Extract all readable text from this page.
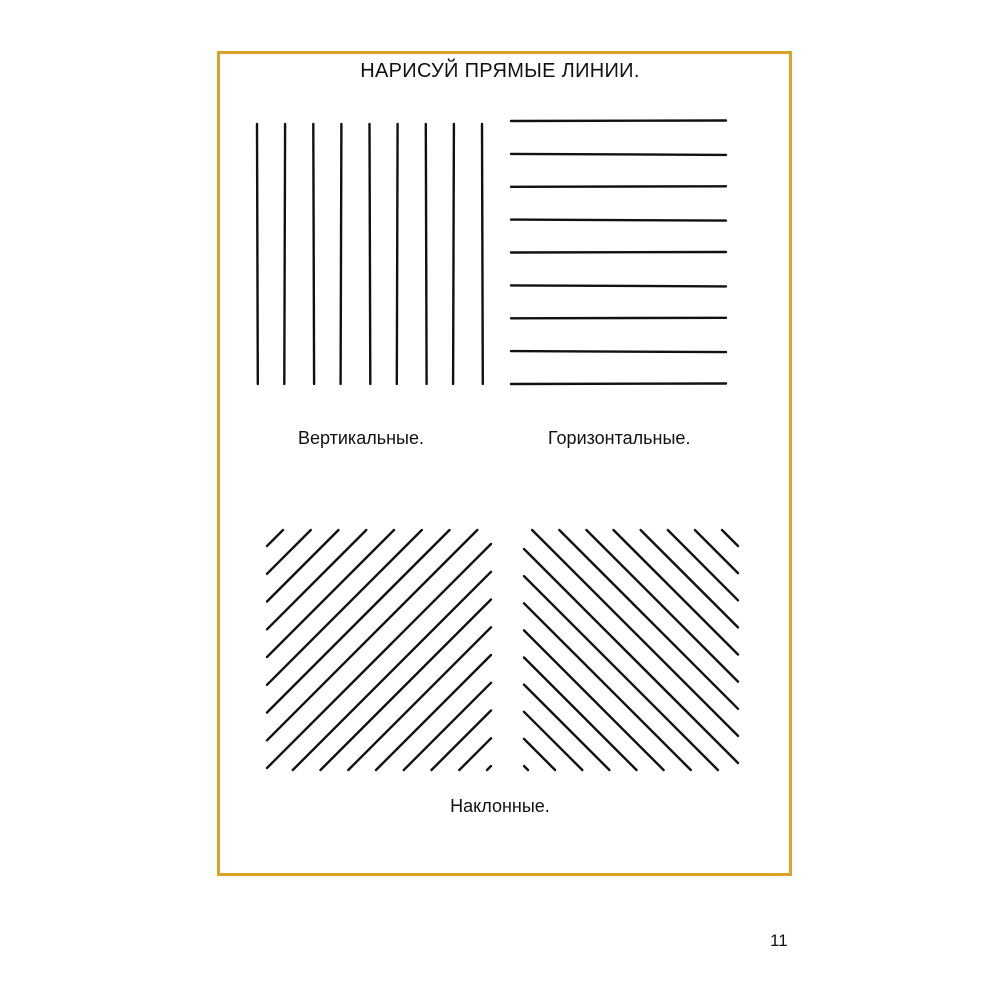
НАРИСУЙ ПРЯМЫЕ ЛИНИИ.
Вертикальные.	Горизонтальные.
Наклонные.
11
